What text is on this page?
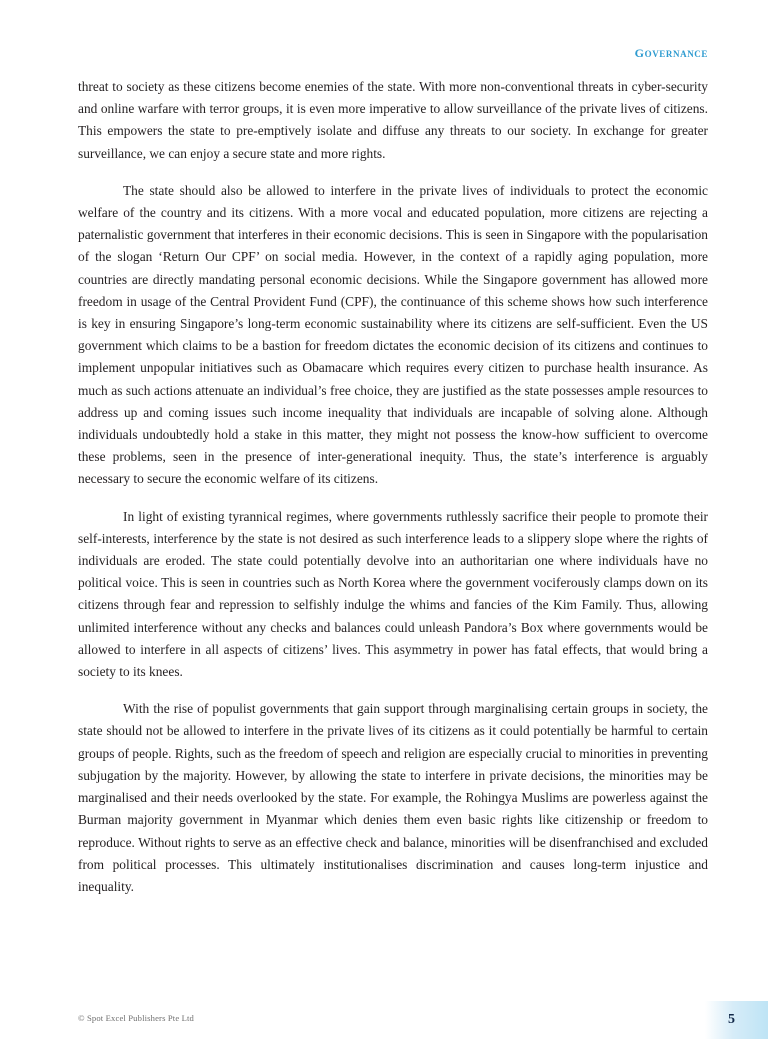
governance

threat to society as these citizens become enemies of the state. With more non-conventional threats in cyber-security and online warfare with terror groups, it is even more imperative to allow surveillance of the private lives of citizens. This empowers the state to pre-emptively isolate and diffuse any threats to our society. In exchange for greater surveillance, we can enjoy a secure state and more rights.

The state should also be allowed to interfere in the private lives of individuals to protect the economic welfare of the country and its citizens. With a more vocal and educated population, more citizens are rejecting a paternalistic government that interferes in their economic decisions. This is seen in Singapore with the popularisation of the slogan ‘Return Our CPF’ on social media. However, in the context of a rapidly aging population, more countries are directly mandating personal economic decisions. While the Singapore government has allowed more freedom in usage of the Central Provident Fund (CPF), the continuance of this scheme shows how such interference is key in ensuring Singapore’s long-term economic sustainability where its citizens are self-sufficient. Even the US government which claims to be a bastion for freedom dictates the economic decision of its citizens and continues to implement unpopular initiatives such as Obamacare which requires every citizen to purchase health insurance. As much as such actions attenuate an individual’s free choice, they are justified as the state possesses ample resources to address up and coming issues such income inequality that individuals are incapable of solving alone. Although individuals undoubtedly hold a stake in this matter, they might not possess the know-how sufficient to overcome these problems, seen in the presence of inter-generational inequity. Thus, the state’s interference is arguably necessary to secure the economic welfare of its citizens.

In light of existing tyrannical regimes, where governments ruthlessly sacrifice their people to promote their self-interests, interference by the state is not desired as such interference leads to a slippery slope where the rights of individuals are eroded. The state could potentially devolve into an authoritarian one where individuals have no political voice. This is seen in countries such as North Korea where the government vociferously clamps down on its citizens through fear and repression to selfishly indulge the whims and fancies of the Kim Family. Thus, allowing unlimited interference without any checks and balances could unleash Pandora’s Box where governments would be allowed to interfere in all aspects of citizens’ lives. This asymmetry in power has fatal effects, that would bring a society to its knees.

With the rise of populist governments that gain support through marginalising certain groups in society, the state should not be allowed to interfere in the private lives of its citizens as it could potentially be harmful to certain groups of people. Rights, such as the freedom of speech and religion are especially crucial to minorities in preventing subjugation by the majority. However, by allowing the state to interfere in private decisions, the minorities may be marginalised and their needs overlooked by the state. For example, the Rohingya Muslims are powerless against the Burman majority government in Myanmar which denies them even basic rights like citizenship or freedom to reproduce. Without rights to serve as an effective check and balance, minorities will be disenfranchised and excluded from political processes. This ultimately institutionalises discrimination and causes long-term injustice and inequality.

© Spot Excel Publishers Pte Ltd	5
